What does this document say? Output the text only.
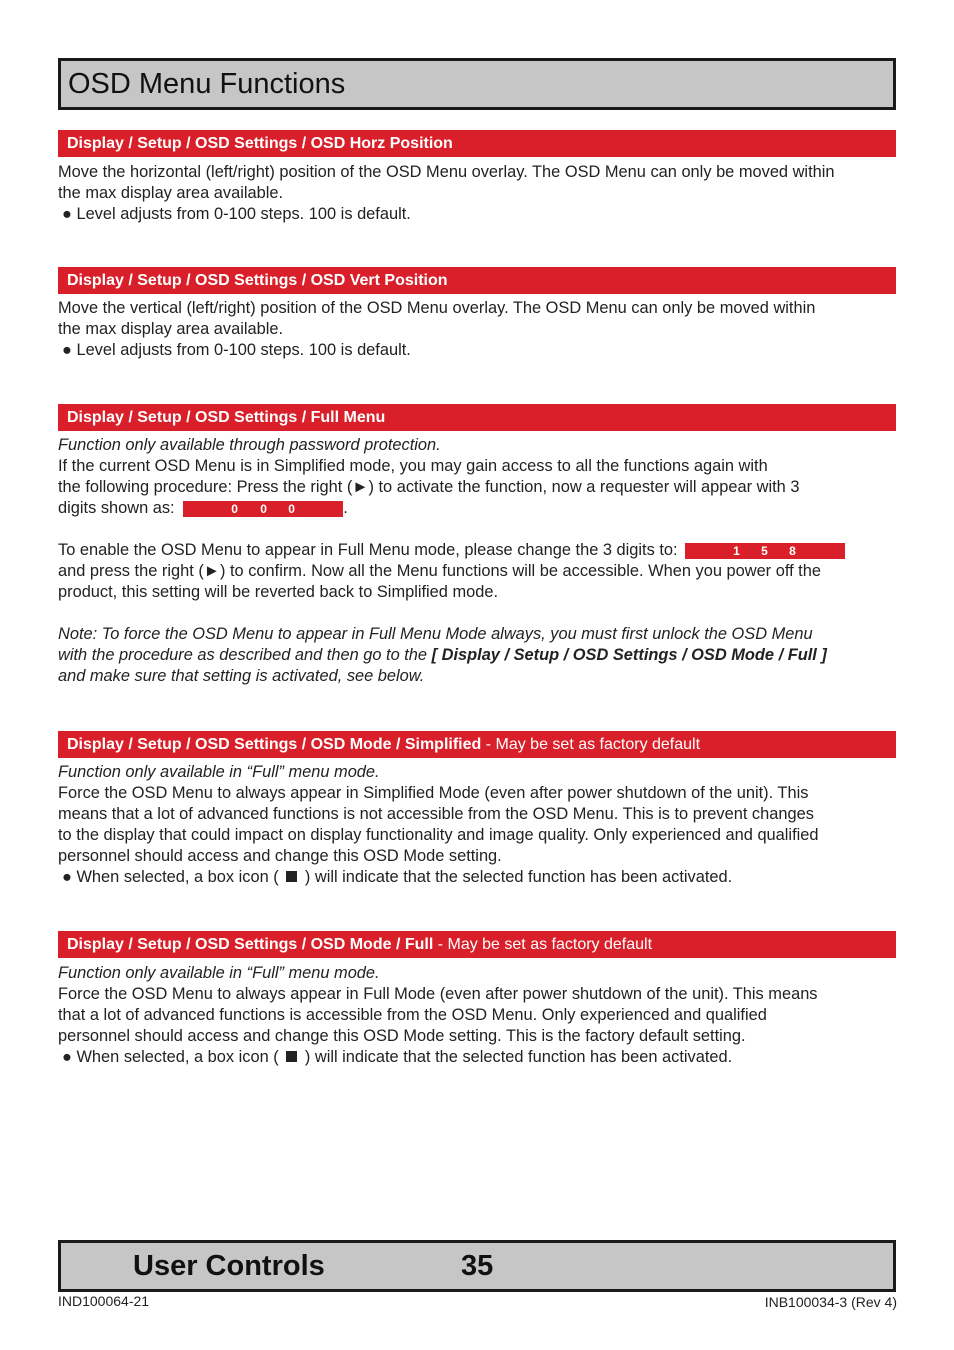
OSD Menu Functions
Display / Setup / OSD Settings / OSD Horz Position

Move the horizontal (left/right) position of the OSD Menu overlay. The OSD Menu can only be moved within

the max display area available.

● Level adjusts from 0-100 steps. 100 is default.

Display / Setup / OSD Settings / OSD Vert Position

Move the vertical (left/right) position of the OSD Menu overlay. The OSD Menu can only be moved within

the max display area available.

● Level adjusts from 0-100 steps. 100 is default.

Display / Setup / OSD Settings / Full Menu

Function only available through password protection.

If the current OSD Menu is in Simplified mode, you may gain access to all the functions again with

the following procedure: Press the right (►) to activate the function, now a requester will appear with 3

digits shown as:	0 0 0	.

To enable the OSD Menu to appear in Full Menu mode, please change the 3 digits to:	1 5 8

and press the right (►) to confirm. Now all the Menu functions will be accessible. When you power off the

product, this setting will be reverted back to Simplified mode.

Note: To force the OSD Menu to appear in Full Menu Mode always, you must first unlock the OSD Menu

with the procedure as described and then go to the [ Display / Setup / OSD Settings / OSD Mode / Full ]

and make sure that setting is activated, see below.

Display / Setup / OSD Settings / OSD Mode / Simplified - May be set as factory default

Function only available in “Full” menu mode.

Force the OSD Menu to always appear in Simplified Mode (even after power shutdown of the unit). This

means that a lot of advanced functions is not accessible from the OSD Menu. This is to prevent changes

to the display that could impact on display functionality and image quality. Only experienced and qualified

personnel should access and change this OSD Mode setting.

● When selected, a box icon ( ) will indicate that the selected function has been activated.

Display / Setup / OSD Settings / OSD Mode / Full - May be set as factory default

Function only available in “Full” menu mode.

Force the OSD Menu to always appear in Full Mode (even after power shutdown of the unit). This means

that a lot of advanced functions is accessible from the OSD Menu. Only experienced and qualified

personnel should access and change this OSD Mode setting. This is the factory default setting.

● When selected, a box icon ( ) will indicate that the selected function has been activated.

User Controls	35
IND100064-21	INB100034-3 (Rev 4)
